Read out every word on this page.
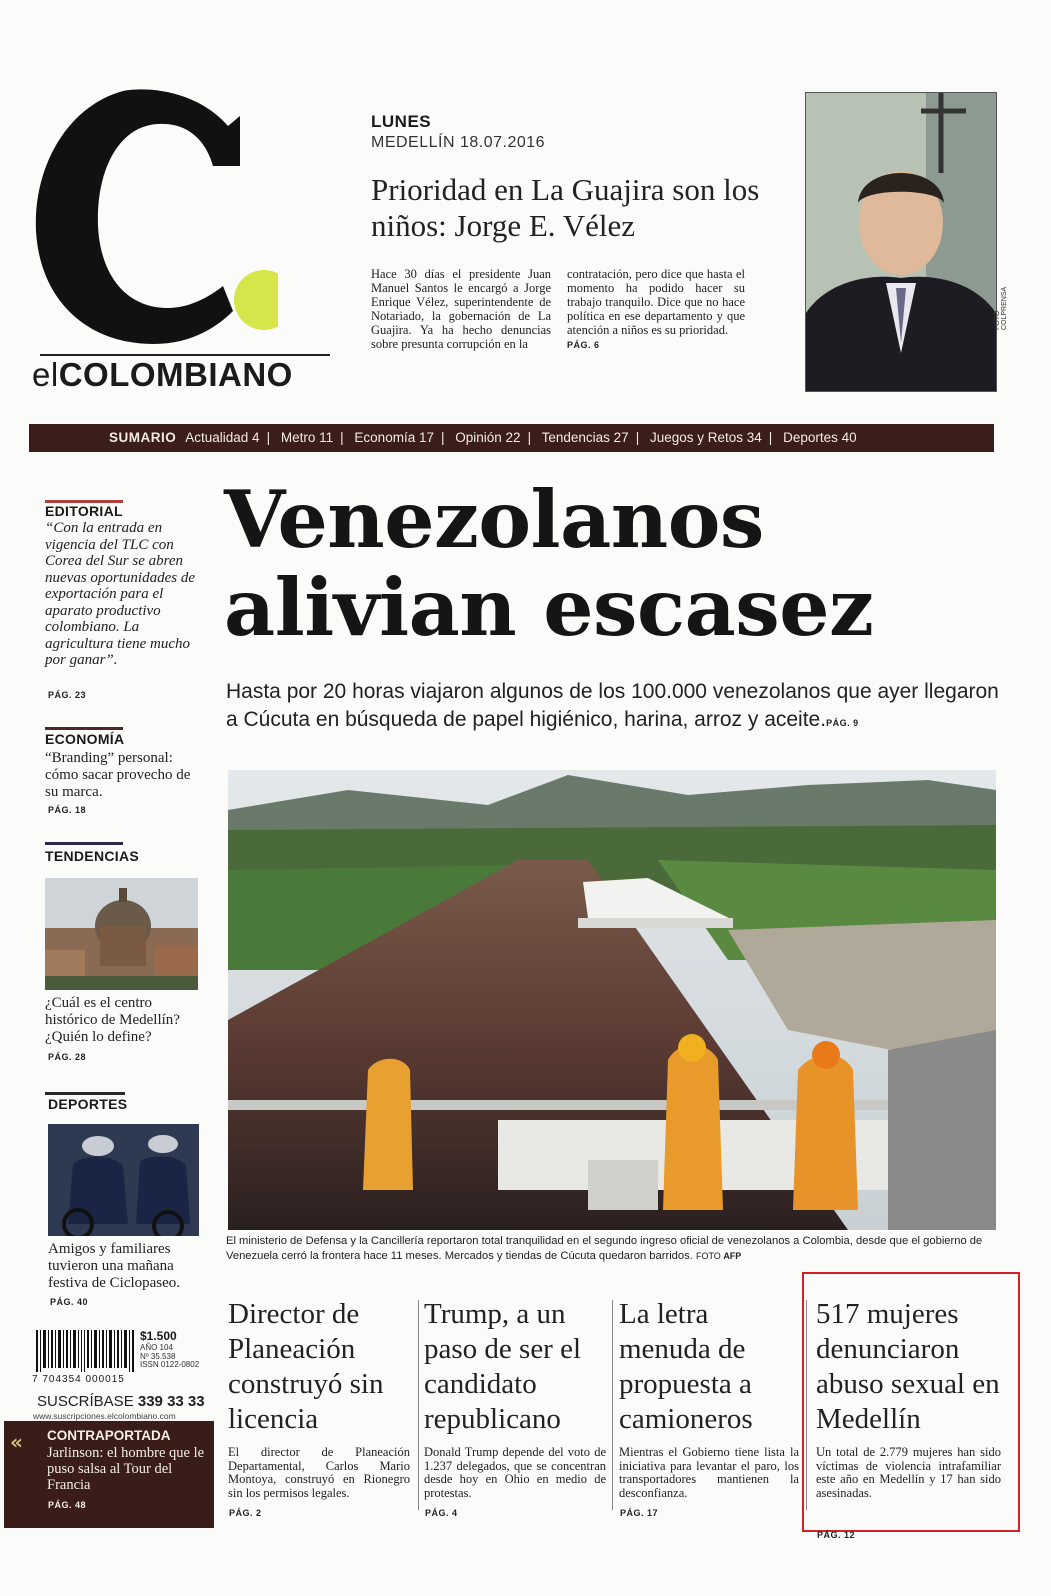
elCOLOMBIANO
LUNES
MEDELLÍN 18.07.2016
Prioridad en La Guajira son los niños: Jorge E. Vélez
Hace 30 días el presidente Juan Manuel Santos le encargó a Jorge Enrique Vélez, superintendente de Notariado, la gobernación de La Guajira. Ya ha hecho denuncias sobre presunta corrupción en la
contratación, pero dice que hasta el momento ha podido hacer su trabajo tranquilo. Dice que no hace política en ese departamento y que atención a niños es su prioridad.
PÁG. 6
FOTO COLPRENSA
SUMARIO Actualidad 4 | Metro 11 | Economía 17 | Opinión 22 | Tendencias 27 | Juegos y Retos 34 | Deportes 40
EDITORIAL
“Con la entrada en vigencia del TLC con Corea del Sur se abren nuevas oportunidades de exportación para el aparato productivo colombiano. La agricultura tiene mucho por ganar”.
PÁG. 23
ECONOMÍA
“Branding” personal: cómo sacar provecho de su marca.
PÁG. 18
TENDENCIAS
¿Cuál es el centro histórico de Medellín? ¿Quién lo define?
PÁG. 28
DEPORTES
Amigos y familiares tuvieron una mañana festiva de Ciclopaseo.
PÁG. 40
$1.500
AÑO 104
Nº 35.538
ISSN 0122-0802
7 704354 000015
SUSCRÍBASE 339 33 33
www.suscripciones.elcolombiano.com
« CONTRAPORTADA
Jarlinson: el hombre que le puso salsa al Tour del Francia
PÁG. 48
Venezolanos
alivian escasez
Hasta por 20 horas viajaron algunos de los 100.000 venezolanos que ayer llegaron a Cúcuta en búsqueda de papel higiénico, harina, arroz y aceite.PÁG. 9
El ministerio de Defensa y la Cancillería reportaron total tranquilidad en el segundo ingreso oficial de venezolanos a Colombia, desde que el gobierno de Venezuela cerró la frontera hace 11 meses. Mercados y tiendas de Cúcuta quedaron barridos. FOTO AFP
Director de Planeación construyó sin licencia
El director de Planeación Departamental, Carlos Mario Montoya, construyó en Rionegro sin los permisos legales.
PÁG. 2
Trump, a un paso de ser el candidato republicano
Donald Trump depende del voto de 1.237 delegados, que se concentran desde hoy en Ohio en medio de protestas.
PÁG. 4
La letra menuda de propuesta a camioneros
Mientras el Gobierno tiene lista la iniciativa para levantar el paro, los transportadores mantienen la desconfianza.
PÁG. 17
517 mujeres denunciaron abuso sexual en Medellín
Un total de 2.779 mujeres han sido víctimas de violencia intrafamiliar este año en Medellín y 17 han sido asesinadas.
PÁG. 12
